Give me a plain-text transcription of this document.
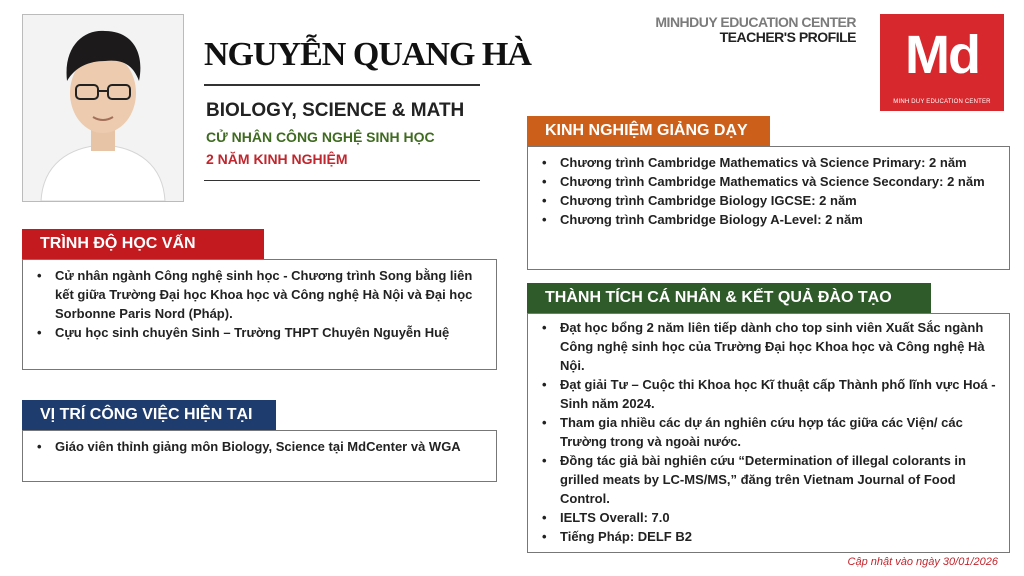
NGUYỄN QUANG HÀ
BIOLOGY, SCIENCE & MATH
CỬ NHÂN CÔNG NGHỆ SINH HỌC
2 NĂM KINH NGHIỆM
MINHDUY EDUCATION CENTER
TEACHER'S PROFILE Md
MINH DUY EDUCATION CENTER
TRÌNH ĐỘ HỌC VẤN
• Cử nhân ngành Công nghệ sinh học - Chương trình Song bằng liên kết giữa Trường Đại học Khoa học và Công nghệ Hà Nội và Đại học Sorbonne Paris Nord (Pháp).
• Cựu học sinh chuyên Sinh – Trường THPT Chuyên Nguyễn Huệ
VỊ TRÍ CÔNG VIỆC HIỆN TẠI
• Giáo viên thỉnh giảng môn Biology, Science tại MdCenter và WGA
KINH NGHIỆM GIẢNG DẠY
• Chương trình Cambridge Mathematics và Science Primary: 2 năm
• Chương trình Cambridge Mathematics và Science Secondary: 2 năm
• Chương trình Cambridge Biology IGCSE: 2 năm
• Chương trình Cambridge Biology A-Level: 2 năm
THÀNH TÍCH CÁ NHÂN & KẾT QUẢ ĐÀO TẠO
• Đạt học bổng 2 năm liên tiếp dành cho top sinh viên Xuất Sắc ngành Công nghệ sinh học của Trường Đại học Khoa học và Công nghệ Hà Nội.
• Đạt giải Tư – Cuộc thi Khoa học Kĩ thuật cấp Thành phố lĩnh vực Hoá - Sinh năm 2024.
• Tham gia nhiều các dự án nghiên cứu hợp tác giữa các Viện/ các Trường trong và ngoài nước.
• Đồng tác giả bài nghiên cứu “Determination of illegal colorants in grilled meats by LC-MS/MS,” đăng trên Vietnam Journal of Food Control.
• IELTS Overall: 7.0
• Tiếng Pháp: DELF B2
Cập nhật vào ngày 30/01/2026
